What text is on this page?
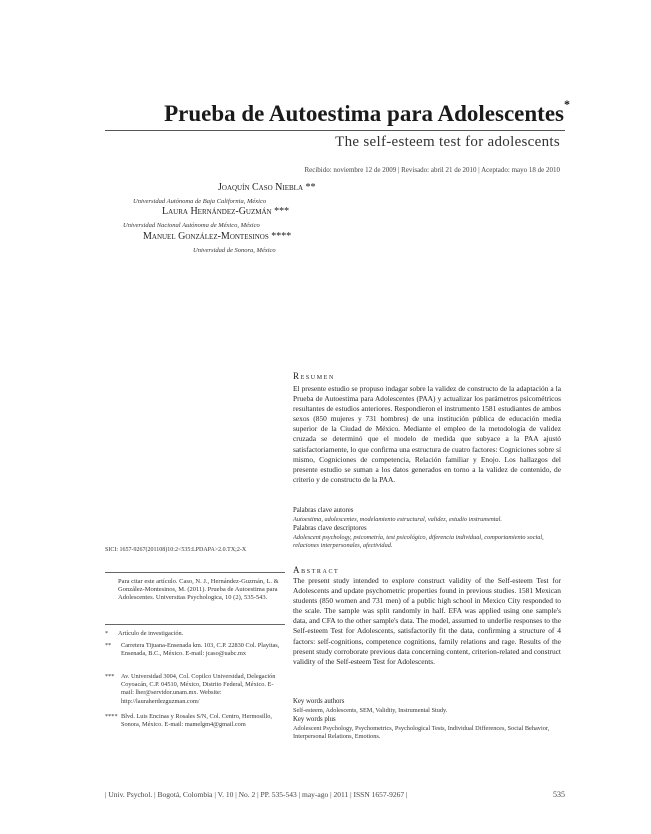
Prueba de Autoestima para Adolescentes*
The self-esteem test for adolescents
Recibido: noviembre 12 de 2009 | Revisado: abril 21 de 2010 | Aceptado: mayo 18 de 2010
Joaquín Caso Niebla **
Universidad Autónoma de Baja California, México
Laura Hernández-Guzmán ***
Universidad Nacional Autónoma de México, México
Manuel González-Montesinos ****
Universidad de Sonora, México
SICI: 1657-9267(201108)10:2<535:LPDAPA>2.0.TX;2-X
Para citar este artículo. Caso, N. J., Hernández-Guzmán, L. & González-Montesinos, M. (2011). Prueba de Autoestima para Adolescentes. Universitas Psychologica, 10 (2), 535-543.
* Artículo de investigación.
** Carretera Tijuana-Ensenada km. 103, C.P. 22830 Col. Playitas, Ensenada, B.C., México. E-mail: jcaso@uabc.mx
*** Av. Universidad 3004, Col. Copilco Universidad, Delegación Coyoacán, C.P. 04510, México, Distrito Federal, México. E-mail: lher@servidor.unam.mx. Website: http://lauraherdezguzman.com/
**** Blvd. Luis Encinas y Rosales S/N, Col. Centro, Hermosillo, Sonora, México. E-mail: mamelgm4@gmail.com
Resumen
El presente estudio se propuso indagar sobre la validez de constructo de la adaptación a la Prueba de Autoestima para Adolescentes (PAA) y actualizar los parámetros psicométricos resultantes de estudios anteriores. Respondieron el instrumento 1581 estudiantes de ambos sexos (850 mujeres y 731 hombres) de una institución pública de educación media superior de la Ciudad de México. Mediante el empleo de la metodología de validez cruzada se determinó que el modelo de medida que subyace a la PAA ajustó satisfactoriamente, lo que confirma una estructura de cuatro factores: Cogniciones sobre sí mismo, Cogniciones de competencia, Relación familiar y Enojo. Los hallazgos del presente estudio se suman a los datos generados en torno a la validez de contenido, de criterio y de constructo de la PAA.
Palabras clave autores
Autoestima, adolescentes, modelamiento estructural, validez, estudio instrumental.
Palabras clave descriptores
Adolescent psychology, psicometría, test psicológico, diferencia individual, comportamiento social, relaciones interpersonales, afectividad.
Abstract
The present study intended to explore construct validity of the Self-esteem Test for Adolescents and update psychometric properties found in previous studies. 1581 Mexican students (850 women and 731 men) of a public high school in Mexico City responded to the scale. The sample was split randomly in half. EFA was applied using one sample's data, and CFA to the other sample's data. The model, assumed to underlie responses to the Self-esteem Test for Adolescents, satisfactorily fit the data, confirming a structure of 4 factors: self-cognitions, competence cognitions, family relations and rage. Results of the present study corroborate previous data concerning content, criterion-related and construct validity of the Self-esteem Test for Adolescents.
Key words authors
Self-esteem, Adolescents, SEM, Validity, Instrumental Study.
Key words plus
Adolescent Psychology, Psychometrics, Psychological Tests, Individual Differences, Social Behavior, Interpersonal Relations, Emotions.
| Univ. Psychol. | Bogotá, Colombia | V. 10 | No. 2 | PP. 535-543 | may-ago | 2011 | ISSN 1657-9267 |	535
